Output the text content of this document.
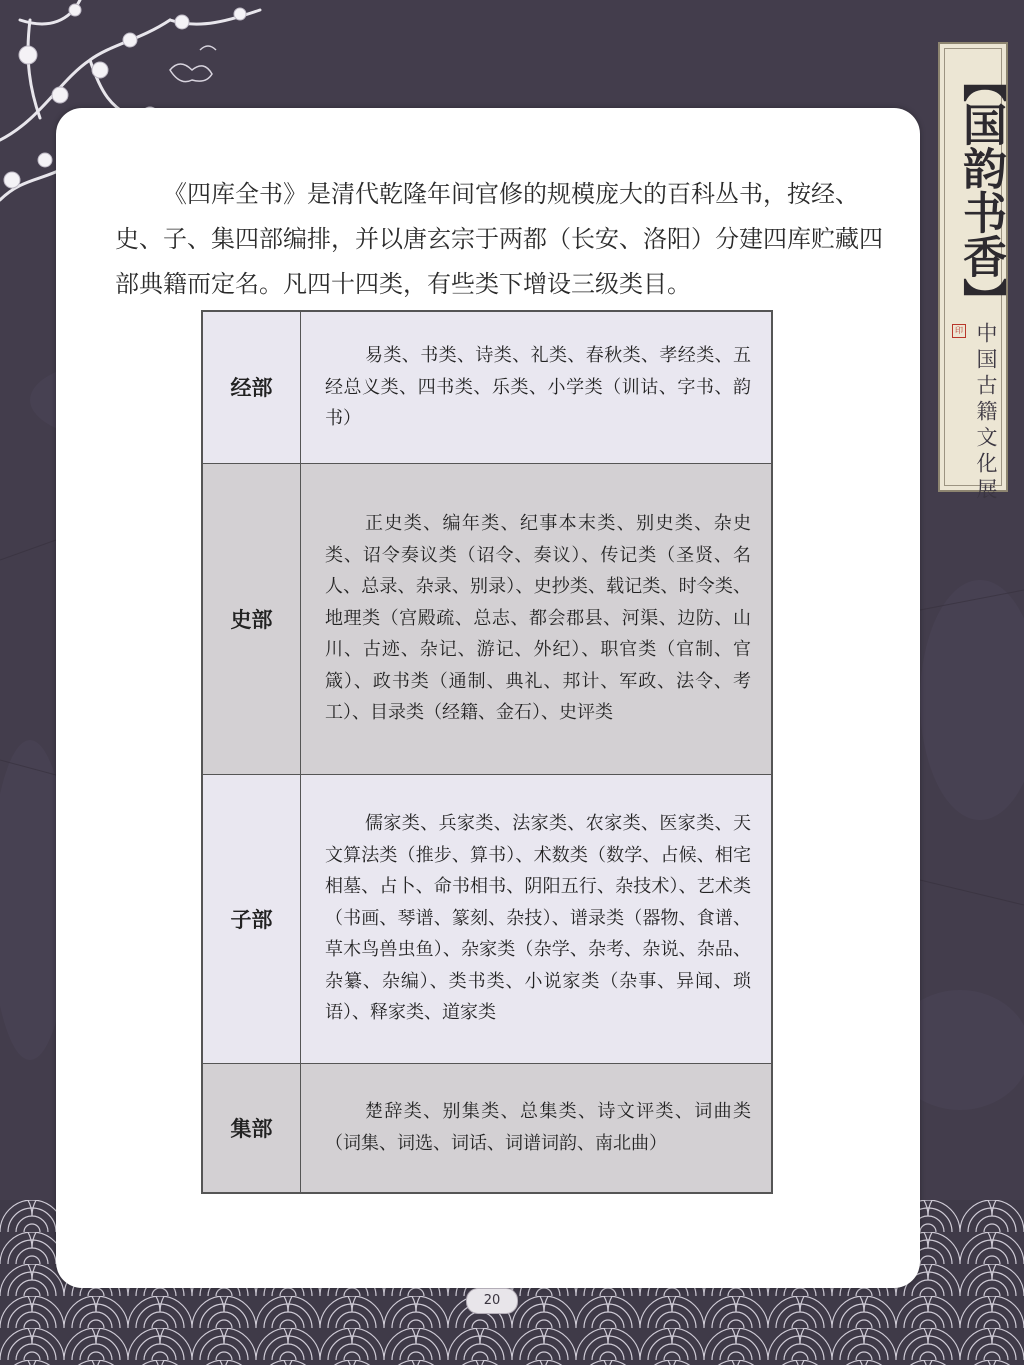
【国韵书香】
印 中国古籍文化展

《四库全书》是清代乾隆年间官修的规模庞大的百科丛书，按经、史、子、集四部编排，并以唐玄宗于两都（长安、洛阳）分建四库贮藏四部典籍而定名。凡四十四类，有些类下增设三级类目。

经部	易类、书类、诗类、礼类、春秋类、孝经类、五经总义类、四书类、乐类、小学类（训诂、字书、韵书）
史部	正史类、编年类、纪事本末类、别史类、杂史类、诏令奏议类（诏令、奏议）、传记类（圣贤、名人、总录、杂录、别录）、史抄类、载记类、时令类、地理类（宫殿疏、总志、都会郡县、河渠、边防、山川、古迹、杂记、游记、外纪）、职官类（官制、官箴）、政书类（通制、典礼、邦计、军政、法令、考工）、目录类（经籍、金石）、史评类
子部	儒家类、兵家类、法家类、农家类、医家类、天文算法类（推步、算书）、术数类（数学、占候、相宅相墓、占卜、命书相书、阴阳五行、杂技术）、艺术类（书画、琴谱、篆刻、杂技）、谱录类（器物、食谱、草木鸟兽虫鱼）、杂家类（杂学、杂考、杂说、杂品、杂纂、杂编）、类书类、小说家类（杂事、异闻、琐语）、释家类、道家类
集部	楚辞类、别集类、总集类、诗文评类、词曲类（词集、词选、词话、词谱词韵、南北曲）
20
